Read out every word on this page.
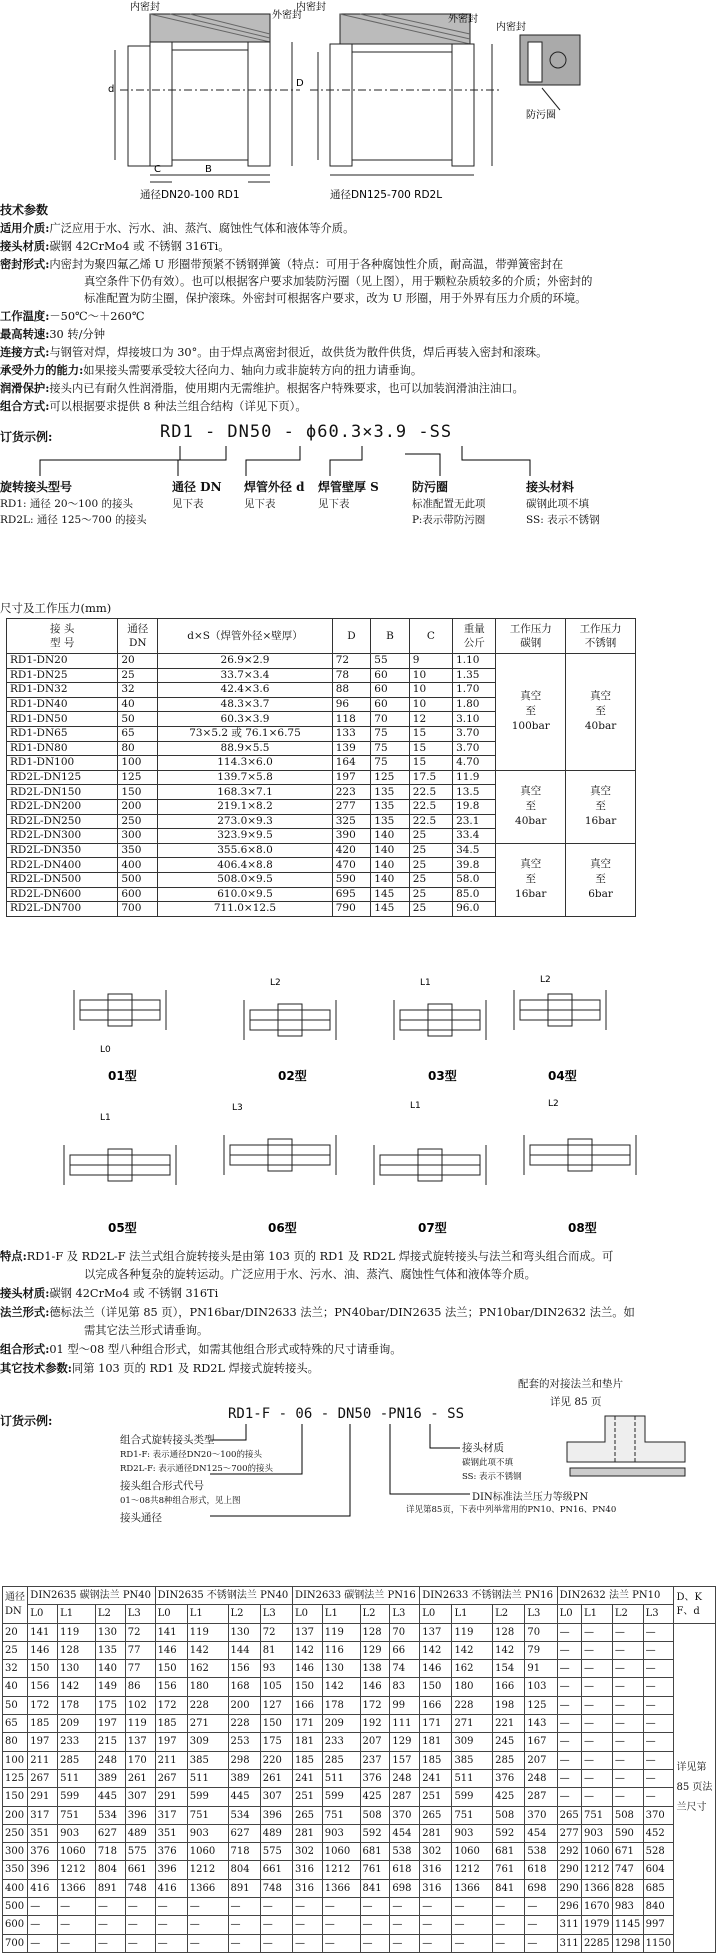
内密封
外密封
内密封
外密封
内密封
防污圈
d
D
C	B
通径DN20-100 RD1	通径DN125-700 RD2L
技术参数
适用介质:广泛应用于水、污水、油、蒸汽、腐蚀性气体和液体等介质。
接头材质:碳钢 42CrMo4 或 不锈钢 316Ti。
密封形式:内密封为聚四氟乙烯 U 形圈带预紧不锈钢弹簧（特点：可用于各种腐蚀性介质，耐高温，带弹簧密封在
真空条件下仍有效）。也可以根据客户要求加装防污圈（见上图），用于颗粒杂质较多的介质；外密封的
标准配置为防尘圈，保护滚珠。外密封可根据客户要求，改为 U 形圈，用于外界有压力介质的环境。
工作温度:－50℃～＋260℃
最高转速:30 转/分钟
连接方式:与钢管对焊，焊接坡口为 30°。由于焊点离密封很近，故供货为散件供货，焊后再装入密封和滚珠。
承受外力的能力:如果接头需要承受较大径向力、轴向力或非旋转方向的扭力请垂询。
润滑保护:接头内已有耐久性润滑脂，使用期内无需维护。根据客户特殊要求，也可以加装润滑油注油口。
组合方式:可以根据要求提供 8 种法兰组合结构（详见下页）。
订货示例:	RD1 - DN50 - ϕ60.3×3.9 -SS
旋转接头型号
RD1: 通径 20～100 的接头
RD2L: 通径 125～700 的接头
通径 DN
见下表
焊管外径 d
见下表
焊管壁厚 S
见下表
防污圈
标准配置无此项
P:表示带防污圈
接头材料
碳钢此项不填
SS: 表示不锈钢
尺寸及工作压力(mm)
接 头
型 号	通径
DN	d×S（焊管外径×壁厚）	D	B	C	重量
公斤	工作压力
碳钢	工作压力
不锈钢
RD1-DN20	20	26.9×2.9	72	55	9	1.10	真空
至
100bar	真空
至
40bar
RD1-DN25	25	33.7×3.4	78	60	10	1.35		
RD1-DN32	32	42.4×3.6	88	60	10	1.70		
RD1-DN40	40	48.3×3.7	96	60	10	1.80		
RD1-DN50	50	60.3×3.9	118	70	12	3.10		
RD1-DN65	65	73×5.2 或 76.1×6.75	133	75	15	3.70		
RD1-DN80	80	88.9×5.5	139	75	15	3.70		
RD1-DN100	100	114.3×6.0	164	75	15	4.70		
RD2L-DN125	125	139.7×5.8	197	125	17.5	11.9	真空
至
40bar	真空
至
16bar
RD2L-DN150	150	168.3×7.1	223	135	22.5	13.5		
RD2L-DN200	200	219.1×8.2	277	135	22.5	19.8		
RD2L-DN250	250	273.0×9.3	325	135	22.5	23.1		
RD2L-DN300	300	323.9×9.5	390	140	25	33.4		
RD2L-DN350	350	355.6×8.0	420	140	25	34.5	真空
至
16bar	真空
至
6bar
RD2L-DN400	400	406.4×8.8	470	140	25	39.8		
RD2L-DN500	500	508.0×9.5	590	140	25	58.0		
RD2L-DN600	600	610.0×9.5	695	145	25	85.0		
RD2L-DN700	700	711.0×12.5	790	145	25	96.0		
01型	02型	03型	04型
05型	06型	07型	08型
L0
L2	L1	L2
L1
L3	L1	L2
特点:RD1-F 及 RD2L-F 法兰式组合旋转接头是由第 103 页的 RD1 及 RD2L 焊接式旋转接头与法兰和弯头组合而成。可
以完成各种复杂的旋转运动。广泛应用于水、污水、油、蒸汽、腐蚀性气体和液体等介质。
接头材质:碳钢 42CrMo4 或 不锈钢 316Ti
法兰形式:德标法兰（详见第 85 页），PN16bar/DIN2633 法兰；PN40bar/DIN2635 法兰；PN10bar/DIN2632 法兰。如
需其它法兰形式请垂询。
组合形式:01 型～08 型八种组合形式，如需其他组合形式或特殊的尺寸请垂询。
其它技术参数:同第 103 页的 RD1 及 RD2L 焊接式旋转接头。
配套的对接法兰和垫片
详见 85 页
订货示例:	RD1-F - 06 - DN50 -PN16 - SS
组合式旋转接头类型
RD1-F: 表示通径DN20～100的接头
RD2L-F: 表示通径DN125～700的接头
接头组合形式代号
01～08共8种组合形式，见上图
接头通径
接头材质
碳钢此项不填
SS: 表示不锈钢
DIN标准法兰压力等级PN
详见第85页，下表中列举常用的PN10、PN16、PN40
通径
DN	DIN2635 碳钢法兰 PN40				DIN2635 不锈钢法兰 PN40				DIN2633 碳钢法兰 PN16				DIN2633 不锈钢法兰 PN16				DIN2632 法兰 PN10				D、K
F、d
	L0	L1	L2	L3	L0	L1	L2	L3	L0	L1	L2	L3	L0	L1	L2	L3	L0	L1	L2	L3	
20	141	119	130	72	141	119	130	72	137	119	128	70	137	119	128	70	—	—	—	—	详见第
85 页法
兰尺寸
25	146	128	135	77	146	142	144	81	142	116	129	66	142	142	142	79	—	—	—	—	
32	150	130	140	77	150	162	156	93	146	130	138	74	146	162	154	91	—	—	—	—	
40	156	142	149	86	156	180	168	105	150	142	146	83	150	180	166	103	—	—	—	—	
50	172	178	175	102	172	228	200	127	166	178	172	99	166	228	198	125	—	—	—	—	
65	185	209	197	119	185	271	228	150	171	209	192	111	171	271	221	143	—	—	—	—	
80	197	233	215	137	197	309	253	175	181	233	207	129	181	309	245	167	—	—	—	—	
100	211	285	248	170	211	385	298	220	185	285	237	157	185	385	285	207	—	—	—	—	
125	267	511	389	261	267	511	389	261	241	511	376	248	241	511	376	248	—	—	—	—	
150	291	599	445	307	291	599	445	307	251	599	425	287	251	599	425	287	—	—	—	—	
200	317	751	534	396	317	751	534	396	265	751	508	370	265	751	508	370	265	751	508	370	
250	351	903	627	489	351	903	627	489	281	903	592	454	281	903	592	454	277	903	590	452	
300	376	1060	718	575	376	1060	718	575	302	1060	681	538	302	1060	681	538	292	1060	671	528	
350	396	1212	804	661	396	1212	804	661	316	1212	761	618	316	1212	761	618	290	1212	747	604	
400	416	1366	891	748	416	1366	891	748	316	1366	841	698	316	1366	841	698	290	1366	828	685	
500	—	—	—	—	—	—	—	—	—	—	—	—	—	—	—	—	296	1670	983	840	
600	—	—	—	—	—	—	—	—	—	—	—	—	—	—	—	—	311	1979	1145	997	
700	—	—	—	—	—	—	—	—	—	—	—	—	—	—	—	—	311	2285	1298	1150	
